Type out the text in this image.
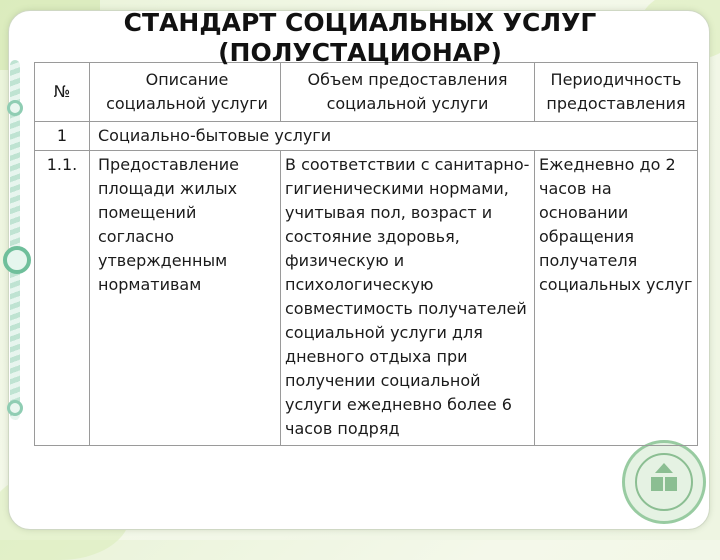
СТАНДАРТ СОЦИАЛЬНЫХ УСЛУГ (ПОЛУСТАЦИОНАР)
№	Описание социальной услуги	Объем предоставления социальной услуги	Периодичность предоставления
1	Социально-бытовые услуги		
1.1.	Предоставление площади жилых помещений согласно утвержденным нормативам	В соответствии с санитарно-гигиеническими нормами, учитывая пол, возраст и состояние здоровья, физическую и психологическую совместимость получателей социальной услуги для дневного отдыха при получении социальной услуги ежедневно более 6 часов подряд	Ежедневно до 2 часов на основании обращения получателя социальных услуг
